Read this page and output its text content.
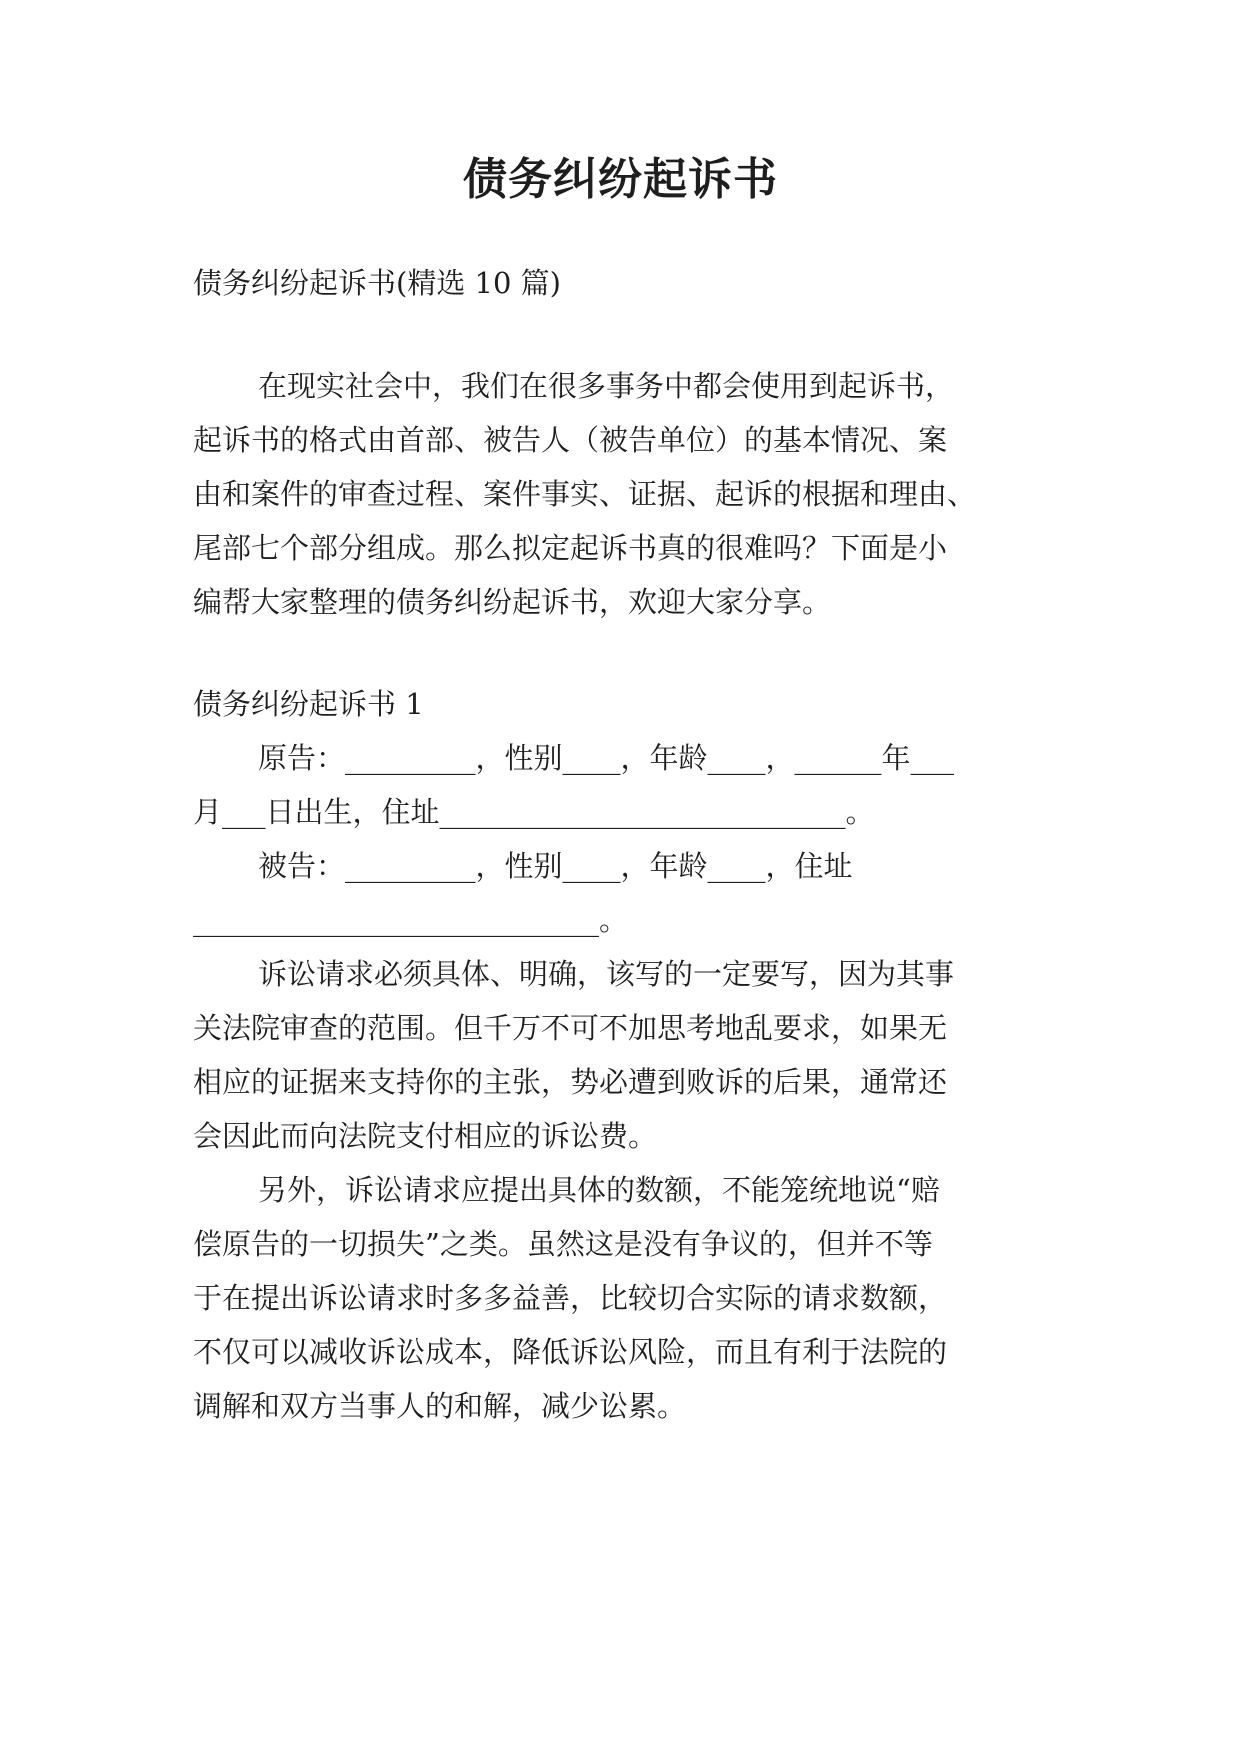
债务纠纷起诉书
债务纠纷起诉书(精选 10 篇)
在现实社会中，我们在很多事务中都会使用到起诉书，
起诉书的格式由首部、被告人（被告单位）的基本情况、案
由和案件的审查过程、案件事实、证据、起诉的根据和理由、
尾部七个部分组成。那么拟定起诉书真的很难吗？下面是小
编帮大家整理的债务纠纷起诉书，欢迎大家分享。
债务纠纷起诉书 1
原告：_________，性别____，年龄____，______年___
月___日出生，住址____________________________。
被告：_________，性别____，年龄____，住址
____________________________。
诉讼请求必须具体、明确，该写的一定要写，因为其事
关法院审查的范围。但千万不可不加思考地乱要求，如果无
相应的证据来支持你的主张，势必遭到败诉的后果，通常还
会因此而向法院支付相应的诉讼费。
另外，诉讼请求应提出具体的数额，不能笼统地说“赔
偿原告的一切损失”之类。虽然这是没有争议的，但并不等
于在提出诉讼请求时多多益善，比较切合实际的请求数额，
不仅可以减收诉讼成本，降低诉讼风险，而且有利于法院的
调解和双方当事人的和解，减少讼累。
